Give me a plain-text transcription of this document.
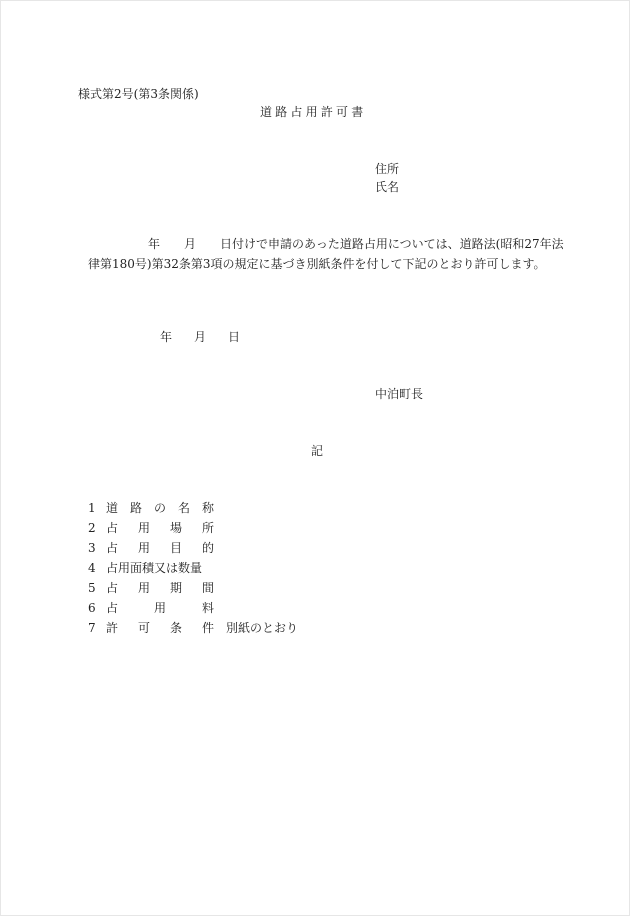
様式第2号(第3条関係)
道路占用許可書
住所
氏名
年 月 日付けで申請のあった道路占用については、道路法(昭和27年法
律第180号)第32条第3項の規定に基づき別紙条件を付して下記のとおり許可します。
年 月 日
中泊町長
記
1 道 路 の 名 称
2 占 用 場 所
3 占 用 目 的
4 占用面積又は数量
5 占 用 期 間
6 占	用	料
7 許 可 条 件 別紙のとおり
